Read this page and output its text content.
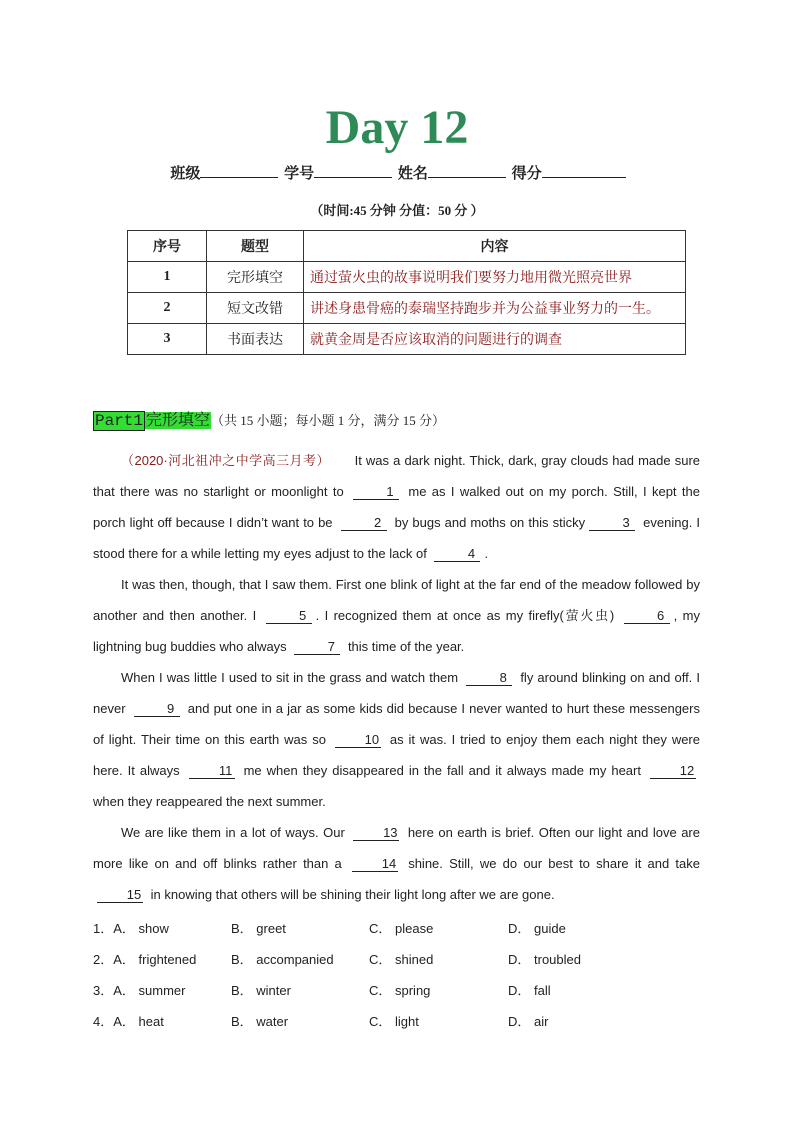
Day 12
班级	学号	姓名	得分
（时间:45 分钟 分值：50 分 ）
序号	题型	内容
1	完形填空	通过萤火虫的故事说明我们要努力地用微光照亮世界
2	短文改错	讲述身患骨癌的泰瑞坚持跑步并为公益事业努力的一生。
3	书面表达	就黄金周是否应该取消的问题进行的调查
Part1 完形填空（共 15 小题；每小题 1 分，满分 15 分）

（2020·河北祖冲之中学高三月考） It was a dark night. Thick, dark, gray clouds had made sure that there was no starlight or moonlight to	1 me as I walked out on my porch. Still, I kept the porch light off because I didn’t want to be	2 by bugs and moths on this sticky	3 evening. I stood there for a while letting my eyes adjust to the lack of	4 .

It was then, though, that I saw them. First one blink of light at the far end of the meadow followed by another and then another. I	5 . I recognized them at once as my firefly(萤火虫)	6 , my lightning bug buddies who always	7 this time of the year.

When I was little I used to sit in the grass and watch them	8 fly around blinking on and off. I never	9 and put one in a jar as some kids did because I never wanted to hurt these messengers of light. Their time on this earth was so	10 as it was. I tried to enjoy them each night they were here. It always	11 me when they disappeared in the fall and it always made my heart	12 when they reappeared the next summer.

We are like them in a lot of ways. Our	13 here on earth is brief. Often our light and love are more like on and off blinks rather than a	14 shine. Still, we do our best to share it and take 15 in knowing that others will be shining their light long after we are gone.

1．A． show	B． greet	C． please	D． guide
2．A． frightened	B． accompanied	C． shined	D． troubled
3．A． summer	B． winter	C． spring	D． fall
4．A． heat	B． water	C． light	D． air
